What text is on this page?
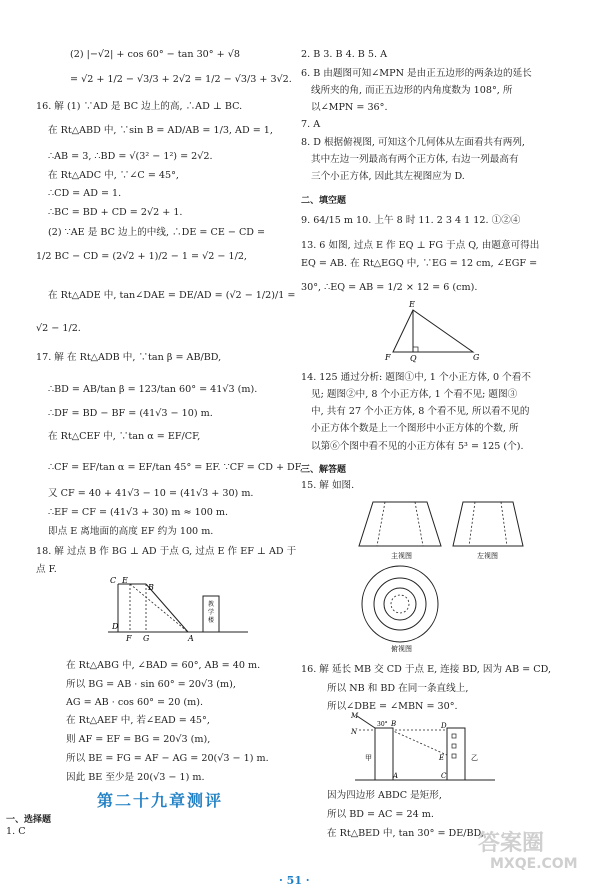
(2) |−√2| + cos 60° − tan 30° + √8
= √2 + 1/2 − √3/3 + 2√2 = 1/2 − √3/3 + 3√2.
16. 解 (1) ∵AD 是 BC 边上的高, ∴AD ⊥ BC.
在 Rt△ABD 中, ∵sin B = AD/AB = 1/3, AD = 1,
∴AB = 3, ∴BD = √(3² − 1²) = 2√2.
在 Rt△ADC 中, ∵∠C = 45°,
∴CD = AD = 1.
∴BC = BD + CD = 2√2 + 1.
(2) ∵AE 是 BC 边上的中线, ∴DE = CE − CD =
1/2 BC − CD = (2√2 + 1)/2 − 1 = √2 − 1/2,
在 Rt△ADE 中, tan∠DAE = DE/AD = (√2 − 1/2)/1 =
√2 − 1/2.
17. 解 在 Rt△ADB 中, ∵tan β = AB/BD,
∴BD = AB/tan β = 123/tan 60° = 41√3 (m).
∴DF = BD − BF = (41√3 − 10) m.
在 Rt△CEF 中, ∵tan α = EF/CF,
∴CF = EF/tan α = EF/tan 45° = EF. ∵CF = CD + DF,
又 CF = 40 + 41√3 − 10 = (41√3 + 30) m.
∴EF = CF = (41√3 + 30) m ≈ 100 m.
即点 E 离地面的高度 EF 约为 100 m.
18. 解 过点 B 作 BG ⊥ AD 于点 G, 过点 E 作 EF ⊥ AD 于
点 F.
在 Rt△ABG 中, ∠BAD = 60°, AB = 40 m.
所以 BG = AB · sin 60° = 20√3 (m),
AG = AB · cos 60° = 20 (m).
在 Rt△AEF 中, 若∠EAD = 45°,
则 AF = EF = BG = 20√3 (m),
所以 BE = FG = AF − AG = 20(√3 − 1) m.
因此 BE 至少是 20(√3 − 1) m.
1. C
第二十九章测评
一、选择题
2. B 3. B 4. B 5. A
6. B 由题图可知∠MPN 是由正五边形的两条边的延长
线所夹的角, 而正五边形的内角度数为 108°, 所
以∠MPN = 36°.
7. A
8. D 根据俯视图, 可知这个几何体从左面看共有两列,
其中左边一列最高有两个正方体, 右边一列最高有
三个小正方体, 因此其左视图应为 D.
9. 64/15 m 10. 上午 8 时 11. 2 3 4 1 12. ①②④
13. 6 如图, 过点 E 作 EQ ⊥ FG 于点 Q, 由题意可得出
EQ = AB. 在 Rt△EGQ 中, ∵EG = 12 cm, ∠EGF =
30°, ∴EQ = AB = 1/2 × 12 = 6 (cm).
14. 125 通过分析: 题图①中, 1 个小正方体, 0 个看不
见; 题图②中, 8 个小正方体, 1 个看不见; 题图③
中, 共有 27 个小正方体, 8 个看不见, 所以看不见的
小正方体个数是上一个图形中小正方体的个数, 所
以第⑥个图中看不见的小正方体有 5³ = 125 (个).
15. 解 如图.
16. 解 延长 MB 交 CD 于点 E, 连接 BD, 因为 AB = CD,
所以 NB 和 BD 在同一条直线上,
所以∠DBE = ∠MBN = 30°.
因为四边形 ABDC 是矩形,
所以 BD = AC = 24 m.
在 Rt△BED 中, tan 30° = DE/BD,
C E
B
D
F G	A
教学楼
E
F Q	G
主视图	左视图
俯视图
M
N
B
30°	D
E
甲	乙
A	C
· 51 ·
答案圈
MXQE.COM
二、填空题
三、解答题
